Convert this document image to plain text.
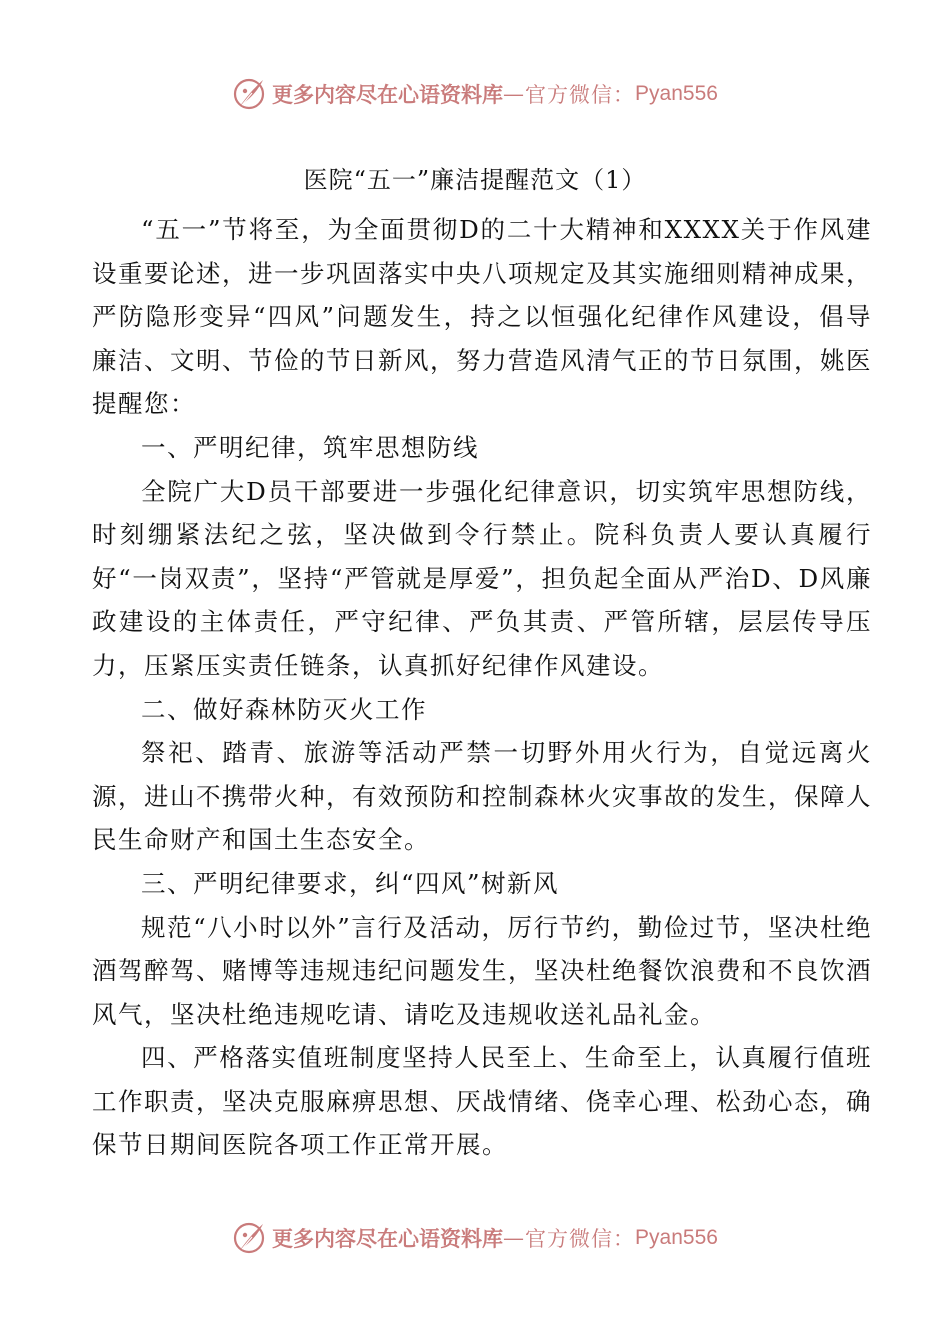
更多内容尽在心语资料库 — 官方微信： Pyan556
医院“五一”廉洁提醒范文（1）

“五一”节将至，为全面贯彻D的二十大精神和XXXX关于作风建设重要论述，进一步巩固落实中央八项规定及其实施细则精神成果，严防隐形变异“四风”问题发生，持之以恒强化纪律作风建设，倡导廉洁、文明、节俭的节日新风，努力营造风清气正的节日氛围，姚医提醒您：

一、严明纪律，筑牢思想防线

全院广大D员干部要进一步强化纪律意识，切实筑牢思想防线，时刻绷紧法纪之弦，坚决做到令行禁止。院科负责人要认真履行好“一岗双责”，坚持“严管就是厚爱”，担负起全面从严治D、D风廉政建设的主体责任，严守纪律、严负其责、严管所辖，层层传导压力，压紧压实责任链条，认真抓好纪律作风建设。

二、做好森林防灭火工作

祭祀、踏青、旅游等活动严禁一切野外用火行为，自觉远离火源，进山不携带火种，有效预防和控制森林火灾事故的发生，保障人民生命财产和国土生态安全。

三、严明纪律要求，纠“四风”树新风

规范“八小时以外”言行及活动，厉行节约，勤俭过节，坚决杜绝酒驾醉驾、赌博等违规违纪问题发生，坚决杜绝餐饮浪费和不良饮酒风气，坚决杜绝违规吃请、请吃及违规收送礼品礼金。

四、严格落实值班制度坚持人民至上、生命至上，认真履行值班工作职责，坚决克服麻痹思想、厌战情绪、侥幸心理、松劲心态，确保节日期间医院各项工作正常开展。

更多内容尽在心语资料库 — 官方微信： Pyan556
